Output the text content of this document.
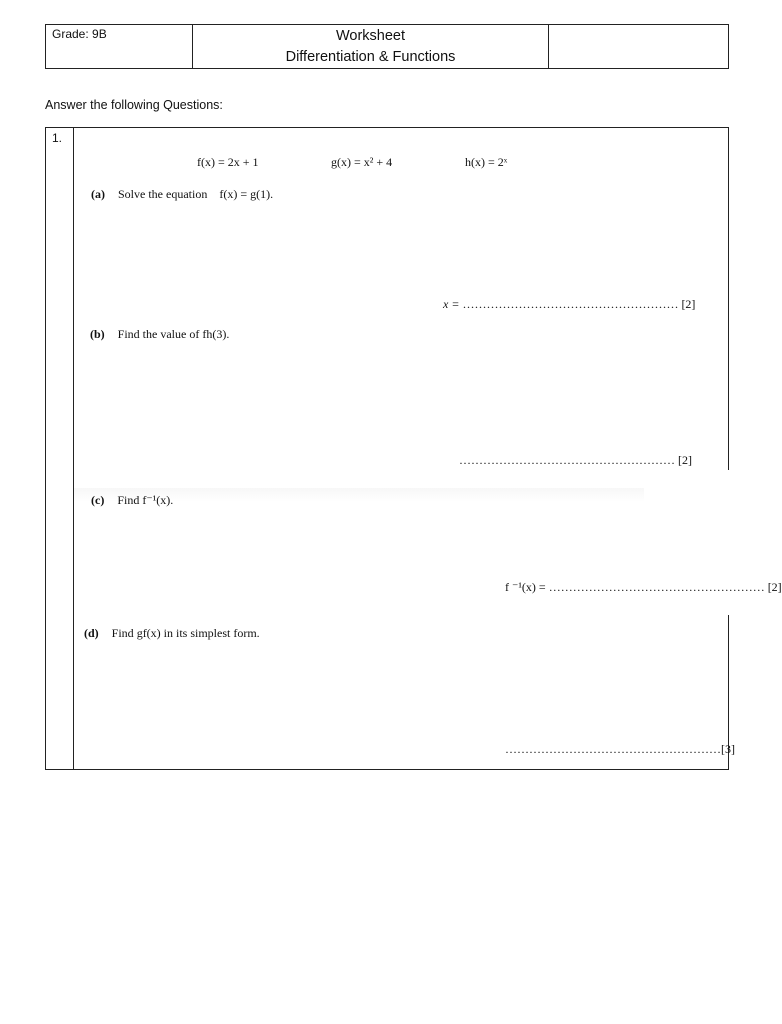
Grade: 9B	Worksheet
Differentiation & Functions
Answer the following Questions:
1.
f(x) = 2x + 1	g(x) = x² + 4	h(x) = 2ˣ
(a) Solve the equation f(x) = g(1).
x = ……………………………………………… [2]
(b) Find the value of fh(3).
……………………………………………… [2]
(c) Find f⁻¹(x).
f ⁻¹(x) = ……………………………………………… [2]
(d) Find gf(x) in its simplest form.
………………………………………………[3]
